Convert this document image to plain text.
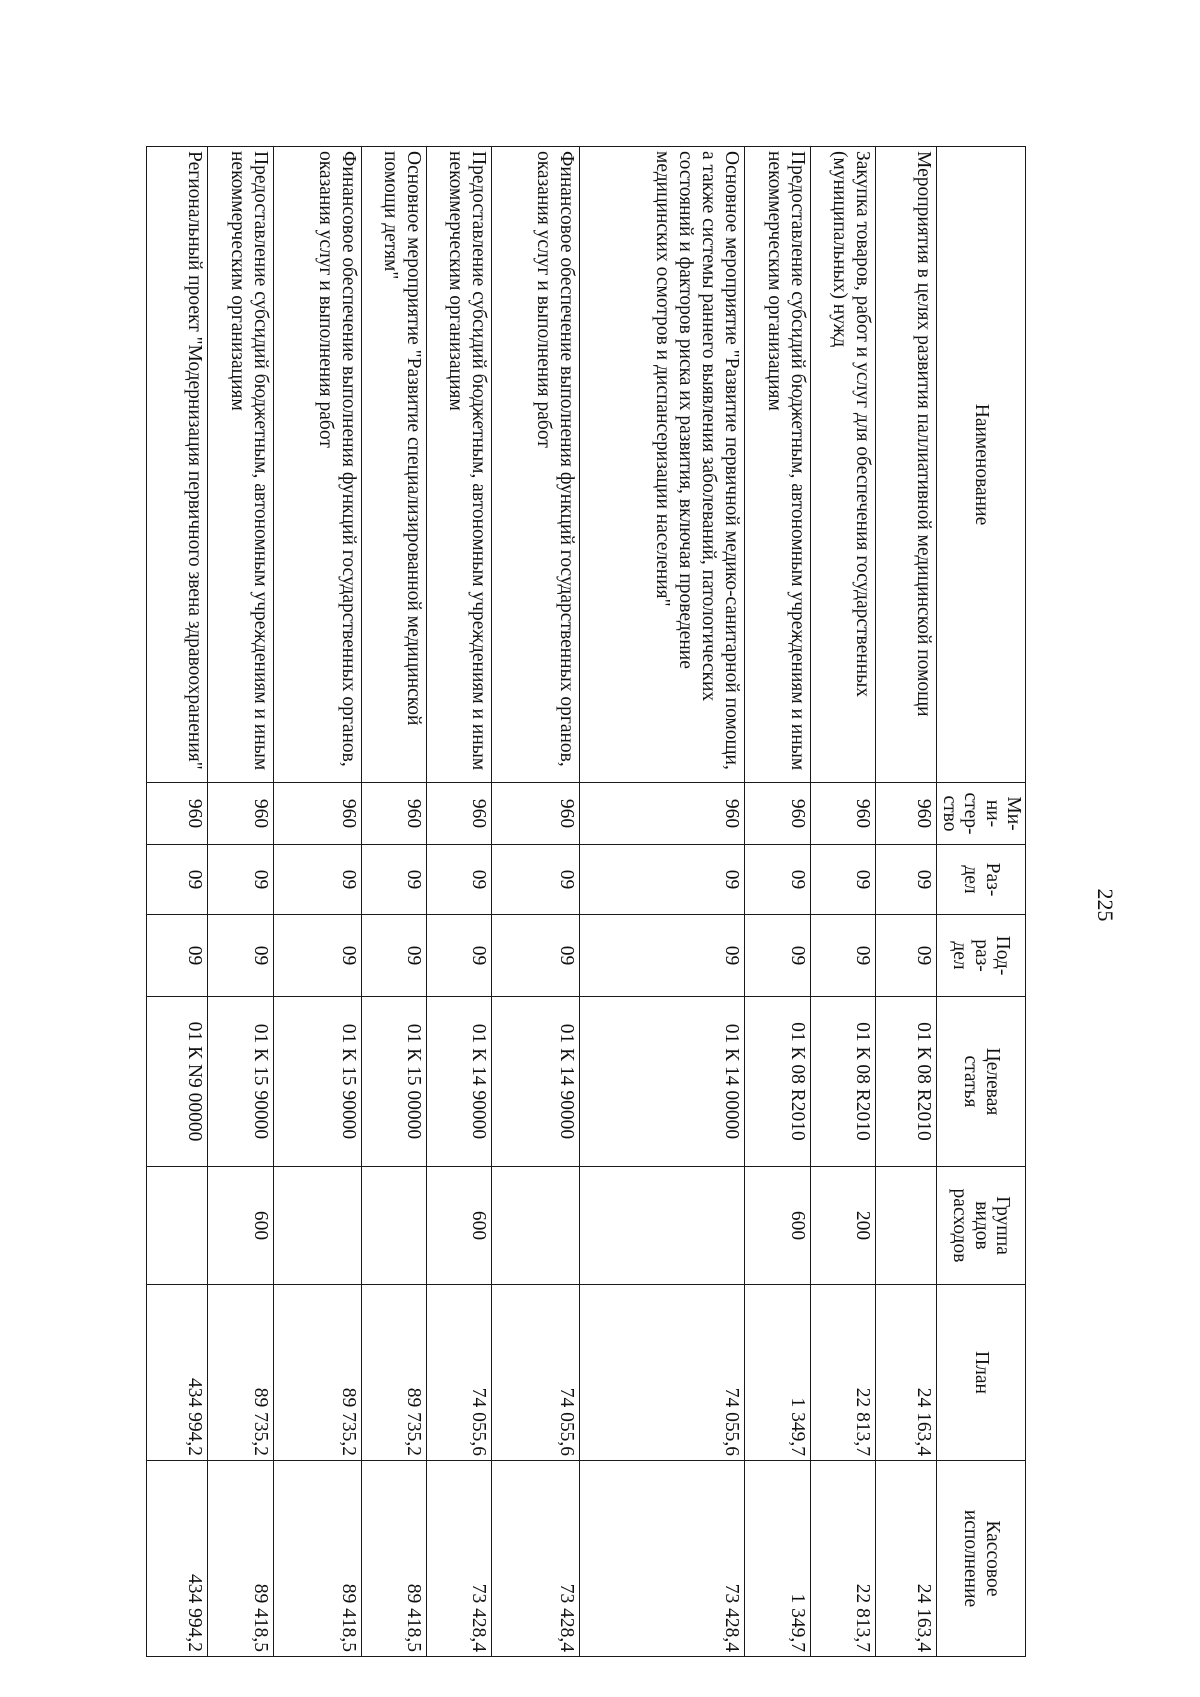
225
Наименование	Ми-
ни-
стер-
ство	Раз-
дел	Под-
раз-
дел	Целевая
статья	Группа
видов
расходов	План	Кассовое
исполнение
Мероприятия в целях развития паллиативной медицинской помощи	960	09	09	01 К 08 R2010		24 163,4	24 163,4
Закупка товаров, работ и услуг для обеспечения государственных (муниципальных) нужд	960	09	09	01 К 08 R2010	200	22 813,7	22 813,7
Предоставление субсидий бюджетным, автономным учреждениям и иным некоммерческим организациям	960	09	09	01 К 08 R2010	600	1 349,7	1 349,7
Основное мероприятие "Развитие первичной медико-санитарной помощи, а также системы раннего выявления заболеваний, патологических состояний и факторов риска их развития, включая проведение медицинских осмотров и диспансеризации населения"	960	09	09	01 К 14 00000		74 055,6	73 428,4
Финансовое обеспечение выполнения функций государственных органов, оказания услуг и выполнения работ	960	09	09	01 К 14 90000		74 055,6	73 428,4
Предоставление субсидий бюджетным, автономным учреждениям и иным некоммерческим организациям	960	09	09	01 К 14 90000	600	74 055,6	73 428,4
Основное мероприятие "Развитие специализированной медицинской помощи детям"	960	09	09	01 К 15 00000		89 735,2	89 418,5
Финансовое обеспечение выполнения функций государственных органов, оказания услуг и выполнения работ	960	09	09	01 К 15 90000		89 735,2	89 418,5
Предоставление субсидий бюджетным, автономным учреждениям и иным некоммерческим организациям	960	09	09	01 К 15 90000	600	89 735,2	89 418,5
Региональный проект "Модернизация первичного звена здравоохранения"	960	09	09	01 К N9 00000		434 994,2	434 994,2
